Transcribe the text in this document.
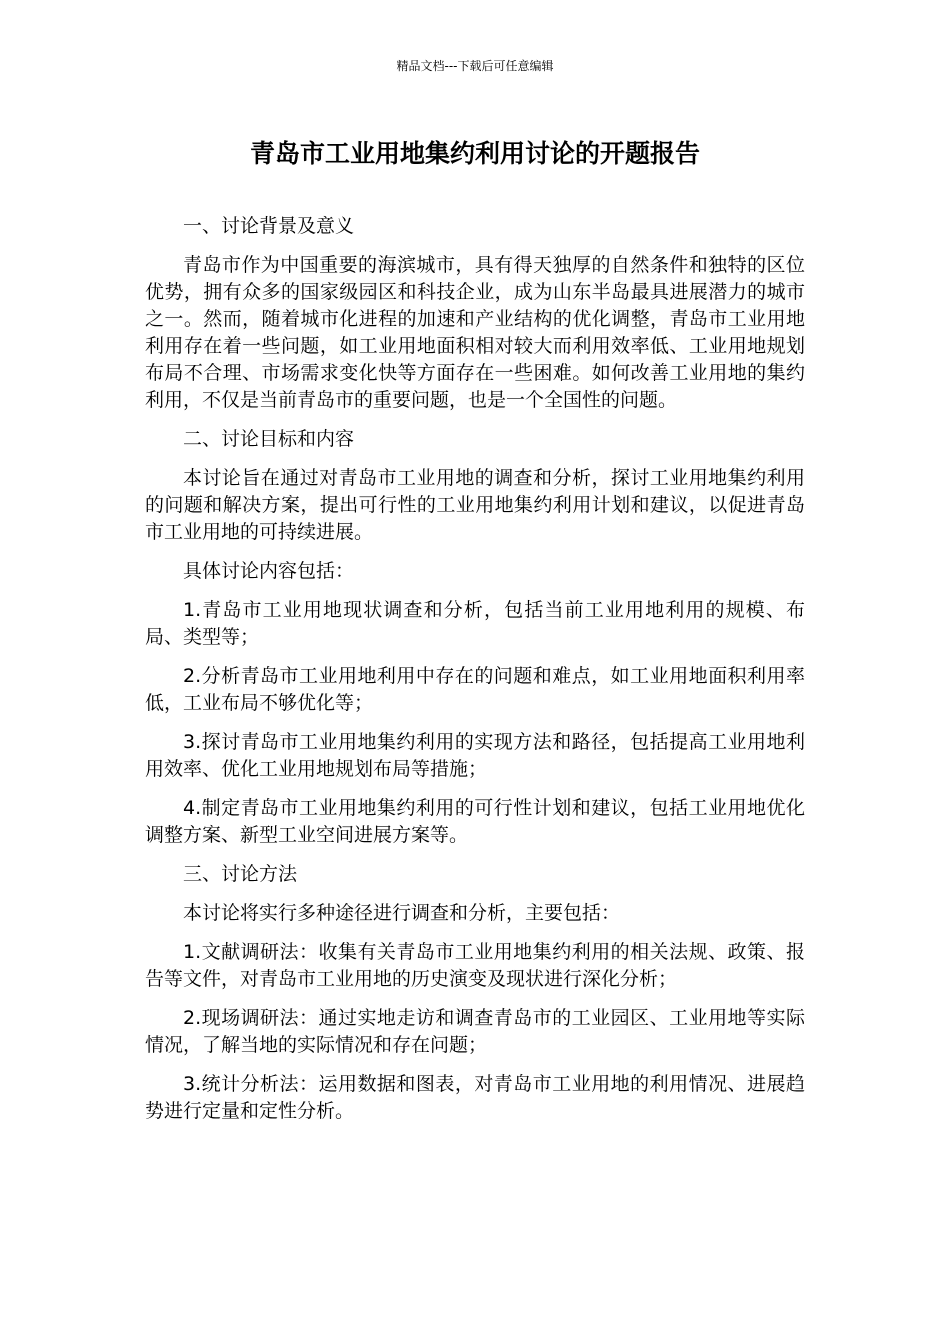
精品文档---下载后可任意编辑
青岛市工业用地集约利用讨论的开题报告

一、讨论背景及意义

青岛市作为中国重要的海滨城市，具有得天独厚的自然条件和独特的区位优势，拥有众多的国家级园区和科技企业，成为山东半岛最具进展潜力的城市之一。然而，随着城市化进程的加速和产业结构的优化调整，青岛市工业用地利用存在着一些问题，如工业用地面积相对较大而利用效率低、工业用地规划布局不合理、市场需求变化快等方面存在一些困难。如何改善工业用地的集约利用，不仅是当前青岛市的重要问题，也是一个全国性的问题。

二、讨论目标和内容

本讨论旨在通过对青岛市工业用地的调查和分析，探讨工业用地集约利用的问题和解决方案，提出可行性的工业用地集约利用计划和建议，以促进青岛市工业用地的可持续进展。

具体讨论内容包括：

1.青岛市工业用地现状调查和分析，包括当前工业用地利用的规模、布局、类型等；

2.分析青岛市工业用地利用中存在的问题和难点，如工业用地面积利用率低，工业布局不够优化等；

3.探讨青岛市工业用地集约利用的实现方法和路径，包括提高工业用地利用效率、优化工业用地规划布局等措施；

4.制定青岛市工业用地集约利用的可行性计划和建议，包括工业用地优化调整方案、新型工业空间进展方案等。

三、讨论方法

本讨论将实行多种途径进行调查和分析，主要包括：

1.文献调研法：收集有关青岛市工业用地集约利用的相关法规、政策、报告等文件，对青岛市工业用地的历史演变及现状进行深化分析；

2.现场调研法：通过实地走访和调查青岛市的工业园区、工业用地等实际情况，了解当地的实际情况和存在问题；

3.统计分析法：运用数据和图表，对青岛市工业用地的利用情况、进展趋势进行定量和定性分析。
